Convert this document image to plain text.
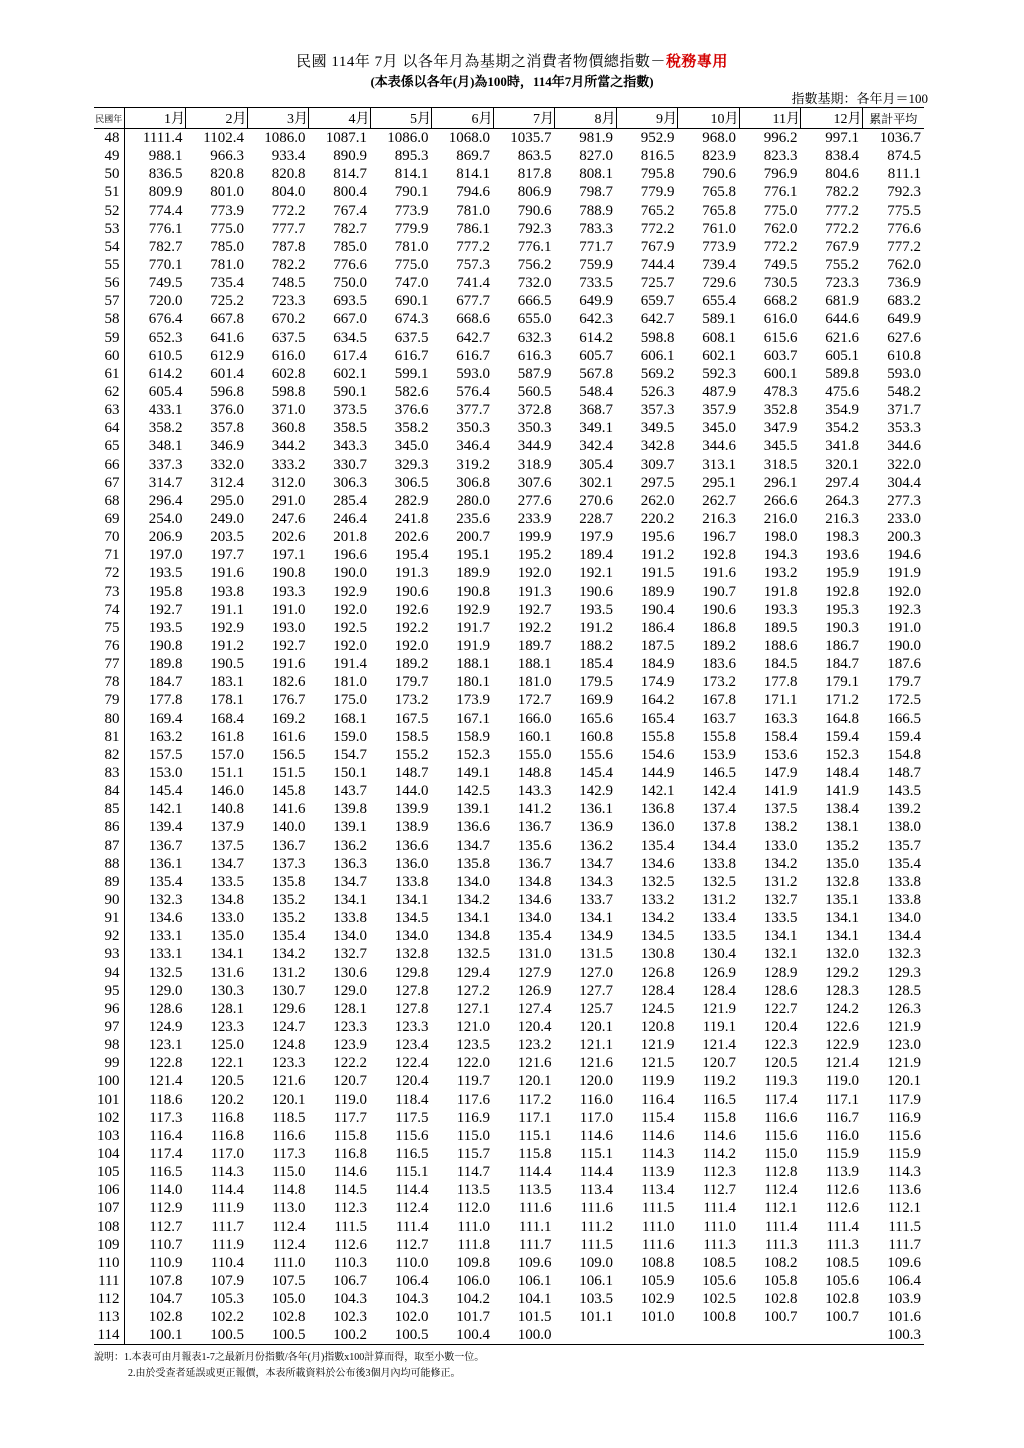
民國 114年 7月 以各年月為基期之消費者物價總指數－稅務專用
(本表係以各年(月)為100時，114年7月所當之指數)
指數基期：各年月＝100
民國年	1月	2月	3月	4月	5月	6月	7月	8月	9月	10月	11月	12月	累計平均
48	1111.4	1102.4	1086.0	1087.1	1086.0	1068.0	1035.7	981.9	952.9	968.0	996.2	997.1	1036.7
49	988.1	966.3	933.4	890.9	895.3	869.7	863.5	827.0	816.5	823.9	823.3	838.4	874.5
50	836.5	820.8	820.8	814.7	814.1	814.1	817.8	808.1	795.8	790.6	796.9	804.6	811.1
51	809.9	801.0	804.0	800.4	790.1	794.6	806.9	798.7	779.9	765.8	776.1	782.2	792.3
52	774.4	773.9	772.2	767.4	773.9	781.0	790.6	788.9	765.2	765.8	775.0	777.2	775.5
53	776.1	775.0	777.7	782.7	779.9	786.1	792.3	783.3	772.2	761.0	762.0	772.2	776.6
54	782.7	785.0	787.8	785.0	781.0	777.2	776.1	771.7	767.9	773.9	772.2	767.9	777.2
55	770.1	781.0	782.2	776.6	775.0	757.3	756.2	759.9	744.4	739.4	749.5	755.2	762.0
56	749.5	735.4	748.5	750.0	747.0	741.4	732.0	733.5	725.7	729.6	730.5	723.3	736.9
57	720.0	725.2	723.3	693.5	690.1	677.7	666.5	649.9	659.7	655.4	668.2	681.9	683.2
58	676.4	667.8	670.2	667.0	674.3	668.6	655.0	642.3	642.7	589.1	616.0	644.6	649.9
59	652.3	641.6	637.5	634.5	637.5	642.7	632.3	614.2	598.8	608.1	615.6	621.6	627.6
60	610.5	612.9	616.0	617.4	616.7	616.7	616.3	605.7	606.1	602.1	603.7	605.1	610.8
61	614.2	601.4	602.8	602.1	599.1	593.0	587.9	567.8	569.2	592.3	600.1	589.8	593.0
62	605.4	596.8	598.8	590.1	582.6	576.4	560.5	548.4	526.3	487.9	478.3	475.6	548.2
63	433.1	376.0	371.0	373.5	376.6	377.7	372.8	368.7	357.3	357.9	352.8	354.9	371.7
64	358.2	357.8	360.8	358.5	358.2	350.3	350.3	349.1	349.5	345.0	347.9	354.2	353.3
65	348.1	346.9	344.2	343.3	345.0	346.4	344.9	342.4	342.8	344.6	345.5	341.8	344.6
66	337.3	332.0	333.2	330.7	329.3	319.2	318.9	305.4	309.7	313.1	318.5	320.1	322.0
67	314.7	312.4	312.0	306.3	306.5	306.8	307.6	302.1	297.5	295.1	296.1	297.4	304.4
68	296.4	295.0	291.0	285.4	282.9	280.0	277.6	270.6	262.0	262.7	266.6	264.3	277.3
69	254.0	249.0	247.6	246.4	241.8	235.6	233.9	228.7	220.2	216.3	216.0	216.3	233.0
70	206.9	203.5	202.6	201.8	202.6	200.7	199.9	197.9	195.6	196.7	198.0	198.3	200.3
71	197.0	197.7	197.1	196.6	195.4	195.1	195.2	189.4	191.2	192.8	194.3	193.6	194.6
72	193.5	191.6	190.8	190.0	191.3	189.9	192.0	192.1	191.5	191.6	193.2	195.9	191.9
73	195.8	193.8	193.3	192.9	190.6	190.8	191.3	190.6	189.9	190.7	191.8	192.8	192.0
74	192.7	191.1	191.0	192.0	192.6	192.9	192.7	193.5	190.4	190.6	193.3	195.3	192.3
75	193.5	192.9	193.0	192.5	192.2	191.7	192.2	191.2	186.4	186.8	189.5	190.3	191.0
76	190.8	191.2	192.7	192.0	192.0	191.9	189.7	188.2	187.5	189.2	188.6	186.7	190.0
77	189.8	190.5	191.6	191.4	189.2	188.1	188.1	185.4	184.9	183.6	184.5	184.7	187.6
78	184.7	183.1	182.6	181.0	179.7	180.1	181.0	179.5	174.9	173.2	177.8	179.1	179.7
79	177.8	178.1	176.7	175.0	173.2	173.9	172.7	169.9	164.2	167.8	171.1	171.2	172.5
80	169.4	168.4	169.2	168.1	167.5	167.1	166.0	165.6	165.4	163.7	163.3	164.8	166.5
81	163.2	161.8	161.6	159.0	158.5	158.9	160.1	160.8	155.8	155.8	158.4	159.4	159.4
82	157.5	157.0	156.5	154.7	155.2	152.3	155.0	155.6	154.6	153.9	153.6	152.3	154.8
83	153.0	151.1	151.5	150.1	148.7	149.1	148.8	145.4	144.9	146.5	147.9	148.4	148.7
84	145.4	146.0	145.8	143.7	144.0	142.5	143.3	142.9	142.1	142.4	141.9	141.9	143.5
85	142.1	140.8	141.6	139.8	139.9	139.1	141.2	136.1	136.8	137.4	137.5	138.4	139.2
86	139.4	137.9	140.0	139.1	138.9	136.6	136.7	136.9	136.0	137.8	138.2	138.1	138.0
87	136.7	137.5	136.7	136.2	136.6	134.7	135.6	136.2	135.4	134.4	133.0	135.2	135.7
88	136.1	134.7	137.3	136.3	136.0	135.8	136.7	134.7	134.6	133.8	134.2	135.0	135.4
89	135.4	133.5	135.8	134.7	133.8	134.0	134.8	134.3	132.5	132.5	131.2	132.8	133.8
90	132.3	134.8	135.2	134.1	134.1	134.2	134.6	133.7	133.2	131.2	132.7	135.1	133.8
91	134.6	133.0	135.2	133.8	134.5	134.1	134.0	134.1	134.2	133.4	133.5	134.1	134.0
92	133.1	135.0	135.4	134.0	134.0	134.8	135.4	134.9	134.5	133.5	134.1	134.1	134.4
93	133.1	134.1	134.2	132.7	132.8	132.5	131.0	131.5	130.8	130.4	132.1	132.0	132.3
94	132.5	131.6	131.2	130.6	129.8	129.4	127.9	127.0	126.8	126.9	128.9	129.2	129.3
95	129.0	130.3	130.7	129.0	127.8	127.2	126.9	127.7	128.4	128.4	128.6	128.3	128.5
96	128.6	128.1	129.6	128.1	127.8	127.1	127.4	125.7	124.5	121.9	122.7	124.2	126.3
97	124.9	123.3	124.7	123.3	123.3	121.0	120.4	120.1	120.8	119.1	120.4	122.6	121.9
98	123.1	125.0	124.8	123.9	123.4	123.5	123.2	121.1	121.9	121.4	122.3	122.9	123.0
99	122.8	122.1	123.3	122.2	122.4	122.0	121.6	121.6	121.5	120.7	120.5	121.4	121.9
100	121.4	120.5	121.6	120.7	120.4	119.7	120.1	120.0	119.9	119.2	119.3	119.0	120.1
101	118.6	120.2	120.1	119.0	118.4	117.6	117.2	116.0	116.4	116.5	117.4	117.1	117.9
102	117.3	116.8	118.5	117.7	117.5	116.9	117.1	117.0	115.4	115.8	116.6	116.7	116.9
103	116.4	116.8	116.6	115.8	115.6	115.0	115.1	114.6	114.6	114.6	115.6	116.0	115.6
104	117.4	117.0	117.3	116.8	116.5	115.7	115.8	115.1	114.3	114.2	115.0	115.9	115.9
105	116.5	114.3	115.0	114.6	115.1	114.7	114.4	114.4	113.9	112.3	112.8	113.9	114.3
106	114.0	114.4	114.8	114.5	114.4	113.5	113.5	113.4	113.4	112.7	112.4	112.6	113.6
107	112.9	111.9	113.0	112.3	112.4	112.0	111.6	111.6	111.5	111.4	112.1	112.6	112.1
108	112.7	111.7	112.4	111.5	111.4	111.0	111.1	111.2	111.0	111.0	111.4	111.4	111.5
109	110.7	111.9	112.4	112.6	112.7	111.8	111.7	111.5	111.6	111.3	111.3	111.3	111.7
110	110.9	110.4	111.0	110.3	110.0	109.8	109.6	109.0	108.8	108.5	108.2	108.5	109.6
111	107.8	107.9	107.5	106.7	106.4	106.0	106.1	106.1	105.9	105.6	105.8	105.6	106.4
112	104.7	105.3	105.0	104.3	104.3	104.2	104.1	103.5	102.9	102.5	102.8	102.8	103.9
113	102.8	102.2	102.8	102.3	102.0	101.7	101.5	101.1	101.0	100.8	100.7	100.7	101.6
114	100.1	100.5	100.5	100.2	100.5	100.4	100.0						100.3
說明：1.本表可由月報表1-7之最新月份指數/各年(月)指數x100計算而得，取至小數一位。
2.由於受查者延誤或更正報價，本表所載資料於公布後3個月內均可能修正。
